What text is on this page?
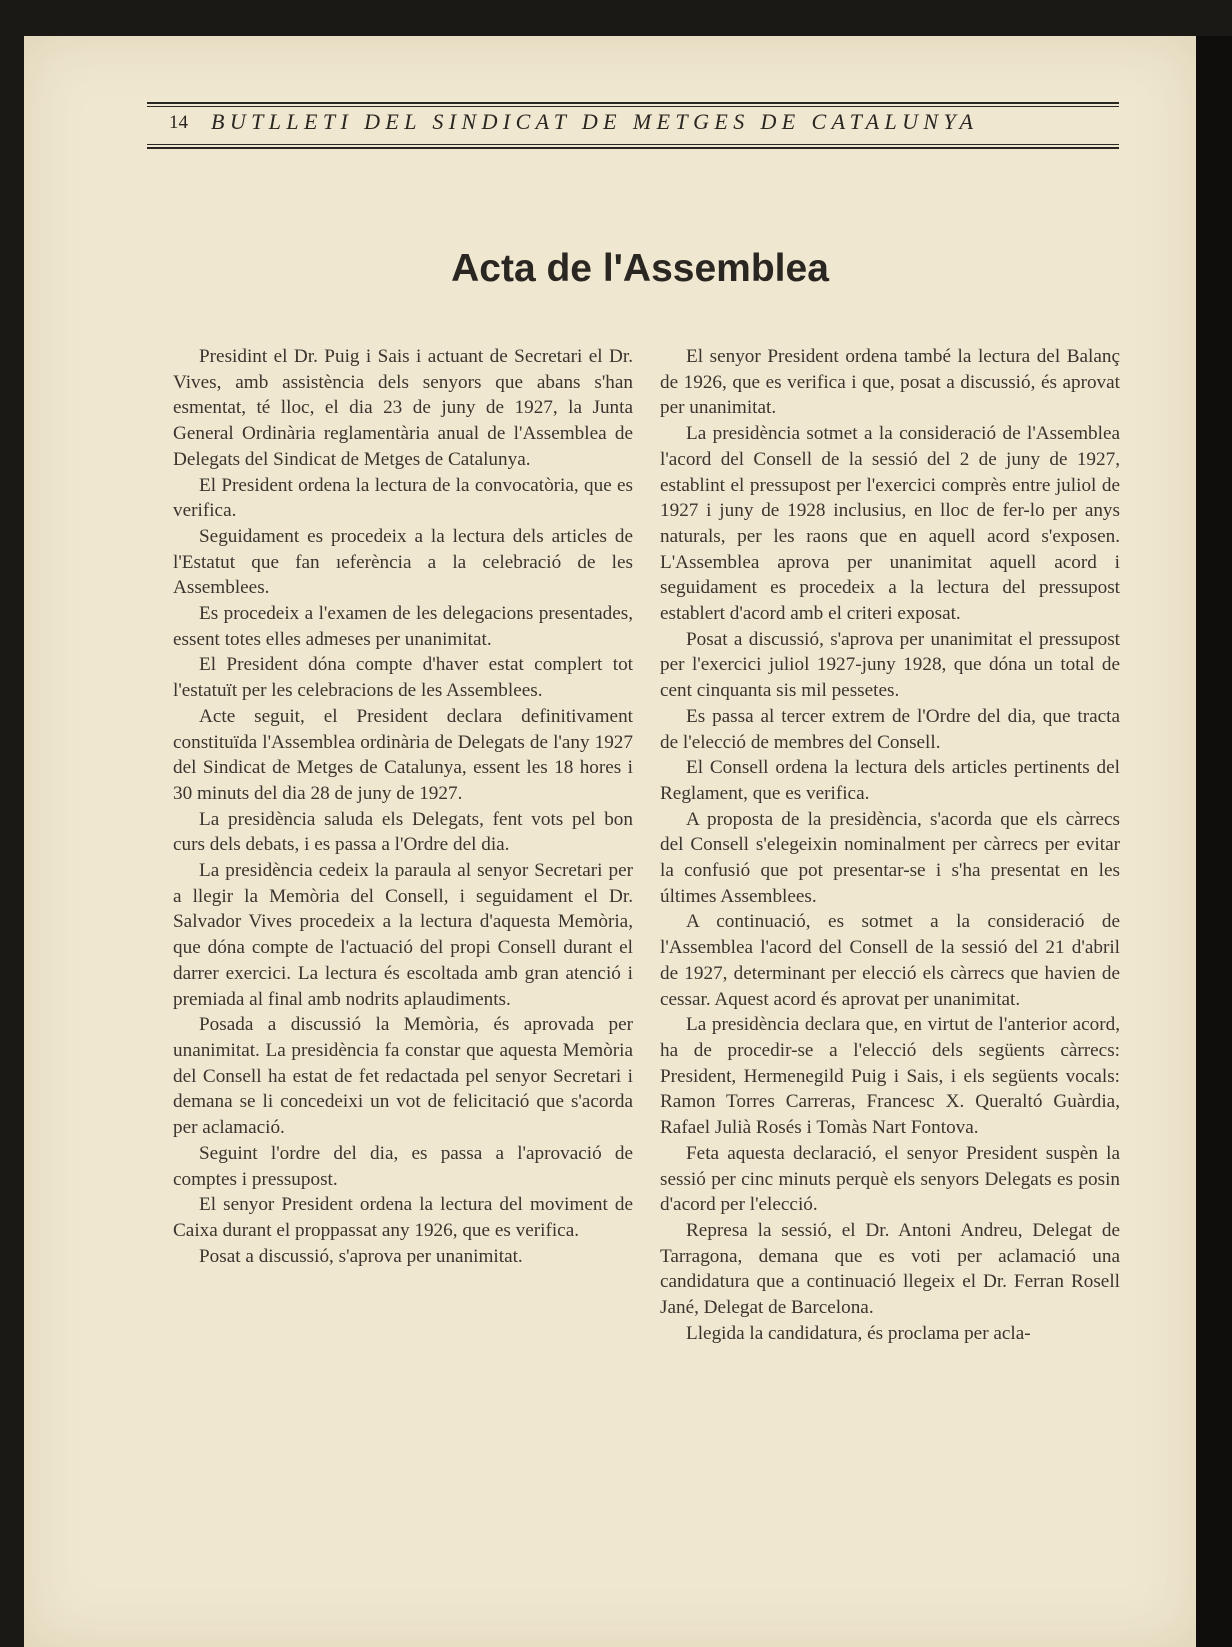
14 BUTLLETI DEL SINDICAT DE METGES DE CATALUNYA

Acta de l'Assemblea

Presidint el Dr. Puig i Sais i actuant de Secretari el Dr. Vives, amb assistència dels senyors que abans s'han esmentat, té lloc, el dia 23 de juny de 1927, la Junta General Ordinària reglamentària anual de l'Assemblea de Delegats del Sindicat de Metges de Catalunya.

El President ordena la lectura de la convocatòria, que es verifica.

Seguidament es procedeix a la lectura dels articles de l'Estatut que fan ıeferència a la celebració de les Assemblees.

Es procedeix a l'examen de les delegacions presentades, essent totes elles admeses per unanimitat.

El President dóna compte d'haver estat complert tot l'estatuït per les celebracions de les Assemblees.

Acte seguit, el President declara definitivament constituïda l'Assemblea ordinària de Delegats de l'any 1927 del Sindicat de Metges de Catalunya, essent les 18 hores i 30 minuts del dia 28 de juny de 1927.

La presidència saluda els Delegats, fent vots pel bon curs dels debats, i es passa a l'Ordre del dia.

La presidència cedeix la paraula al senyor Secretari per a llegir la Memòria del Consell, i seguidament el Dr. Salvador Vives procedeix a la lectura d'aquesta Memòria, que dóna compte de l'actuació del propi Consell durant el darrer exercici. La lectura és escoltada amb gran atenció i premiada al final amb nodrits aplaudiments.

Posada a discussió la Memòria, és aprovada per unanimitat. La presidència fa constar que aquesta Memòria del Consell ha estat de fet redactada pel senyor Secretari i demana se li concedeixi un vot de felicitació que s'acorda per aclamació.

Seguint l'ordre del dia, es passa a l'aprovació de comptes i pressupost.

El senyor President ordena la lectura del moviment de Caixa durant el proppassat any 1926, que es verifica.

Posat a discussió, s'aprova per unanimitat.

El senyor President ordena també la lectura del Balanç de 1926, que es verifica i que, posat a discussió, és aprovat per unanimitat.

La presidència sotmet a la consideració de l'Assemblea l'acord del Consell de la sessió del 2 de juny de 1927, establint el pressupost per l'exercici comprès entre juliol de 1927 i juny de 1928 inclusius, en lloc de fer-lo per anys naturals, per les raons que en aquell acord s'exposen. L'Assemblea aprova per unanimitat aquell acord i seguidament es procedeix a la lectura del pressupost establert d'acord amb el criteri exposat.

Posat a discussió, s'aprova per unanimitat el pressupost per l'exercici juliol 1927-juny 1928, que dóna un total de cent cinquanta sis mil pessetes.

Es passa al tercer extrem de l'Ordre del dia, que tracta de l'elecció de membres del Consell.

El Consell ordena la lectura dels articles pertinents del Reglament, que es verifica.

A proposta de la presidència, s'acorda que els càrrecs del Consell s'elegeixin nominalment per càrrecs per evitar la confusió que pot presentar-se i s'ha presentat en les últimes Assemblees.

A continuació, es sotmet a la consideració de l'Assemblea l'acord del Consell de la sessió del 21 d'abril de 1927, determinant per elecció els càrrecs que havien de cessar. Aquest acord és aprovat per unanimitat.

La presidència declara que, en virtut de l'anterior acord, ha de procedir-se a l'elecció dels següents càrrecs: President, Hermenegild Puig i Sais, i els següents vocals: Ramon Torres Carreras, Francesc X. Queraltó Guàrdia, Rafael Julià Rosés i Tomàs Nart Fontova.

Feta aquesta declaració, el senyor President suspèn la sessió per cinc minuts perquè els senyors Delegats es posin d'acord per l'elecció.

Represa la sessió, el Dr. Antoni Andreu, Delegat de Tarragona, demana que es voti per aclamació una candidatura que a continuació llegeix el Dr. Ferran Rosell Jané, Delegat de Barcelona.

Llegida la candidatura, és proclama per acla-
